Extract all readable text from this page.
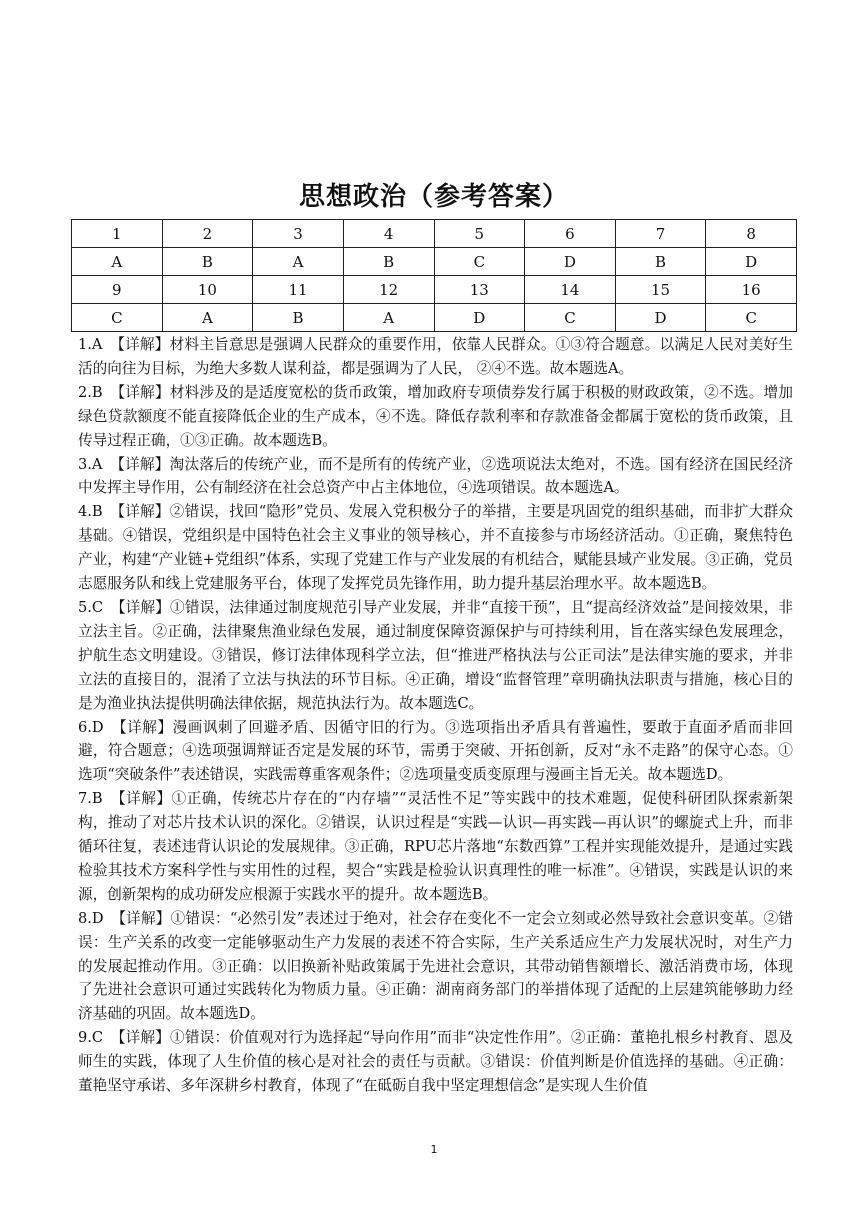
思想政治（参考答案）
1	2	3	4	5	6	7	8
A	B	A	B	C	D	B	D
9	10	11	12	13	14	15	16
C	A	B	A	D	C	D	C

1.A　【详解】材料主旨意思是强调人民群众的重要作用，依靠人民群众。①③符合题意。以满足人民对美好生活的向往为目标，为绝大多数人谋利益，都是强调为了人民， ②④不选。故本题选A。

2.B　【详解】材料涉及的是适度宽松的货币政策，增加政府专项债券发行属于积极的财政政策，②不选。增加绿色贷款额度不能直接降低企业的生产成本，④不选。降低存款利率和存款准备金都属于宽松的货币政策，且传导过程正确，①③正确。故本题选B。

3.A　【详解】淘汰落后的传统产业，而不是所有的传统产业，②选项说法太绝对，不选。国有经济在国民经济中发挥主导作用，公有制经济在社会总资产中占主体地位，④选项错误。故本题选A。

4.B　【详解】②错误，找回“隐形”党员、发展入党积极分子的举措，主要是巩固党的组织基础，而非扩大群众基础。④错误，党组织是中国特色社会主义事业的领导核心，并不直接参与市场经济活动。①正确，聚焦特色产业，构建“产业链+党组织”体系，实现了党建工作与产业发展的有机结合，赋能县域产业发展。③正确，党员志愿服务队和线上党建服务平台，体现了发挥党员先锋作用，助力提升基层治理水平。故本题选B。

5.C　【详解】①错误，法律通过制度规范引导产业发展，并非“直接干预”，且“提高经济效益”是间接效果，非立法主旨。②正确，法律聚焦渔业绿色发展，通过制度保障资源保护与可持续利用，旨在落实绿色发展理念，护航生态文明建设。③错误，修订法律体现科学立法，但“推进严格执法与公正司法”是法律实施的要求，并非立法的直接目的，混淆了立法与执法的环节目标。④正确，增设“监督管理”章明确执法职责与措施，核心目的是为渔业执法提供明确法律依据，规范执法行为。故本题选C。

6.D　【详解】漫画讽刺了回避矛盾、因循守旧的行为。③选项指出矛盾具有普遍性，要敢于直面矛盾而非回避，符合题意；④选项强调辩证否定是发展的环节，需勇于突破、开拓创新，反对“永不走路”的保守心态。①选项“突破条件”表述错误，实践需尊重客观条件；②选项量变质变原理与漫画主旨无关。故本题选D。

7.B　【详解】①正确，传统芯片存在的“内存墙”“灵活性不足”等实践中的技术难题，促使科研团队探索新架构，推动了对芯片技术认识的深化。②错误，认识过程是“实践—认识—再实践—再认识”的螺旋式上升，而非循环往复，表述违背认识论的发展规律。③正确，RPU芯片落地“东数西算”工程并实现能效提升，是通过实践检验其技术方案科学性与实用性的过程，契合“实践是检验认识真理性的唯一标准”。④错误，实践是认识的来源，创新架构的成功研发应根源于实践水平的提升。故本题选B。

8.D　【详解】①错误：“必然引发”表述过于绝对，社会存在变化不一定会立刻或必然导致社会意识变革。②错误：生产关系的改变一定能够驱动生产力发展的表述不符合实际，生产关系适应生产力发展状况时，对生产力的发展起推动作用。③正确：以旧换新补贴政策属于先进社会意识，其带动销售额增长、激活消费市场，体现了先进社会意识可通过实践转化为物质力量。④正确：湖南商务部门的举措体现了适配的上层建筑能够助力经济基础的巩固。故本题选D。

9.C　【详解】①错误：价值观对行为选择起“导向作用”而非“决定性作用”。②正确：董艳扎根乡村教育、恩及师生的实践，体现了人生价值的核心是对社会的责任与贡献。③错误：价值判断是价值选择的基础。④正确：董艳坚守承诺、多年深耕乡村教育，体现了“在砥砺自我中坚定理想信念”是实现人生价值

1
